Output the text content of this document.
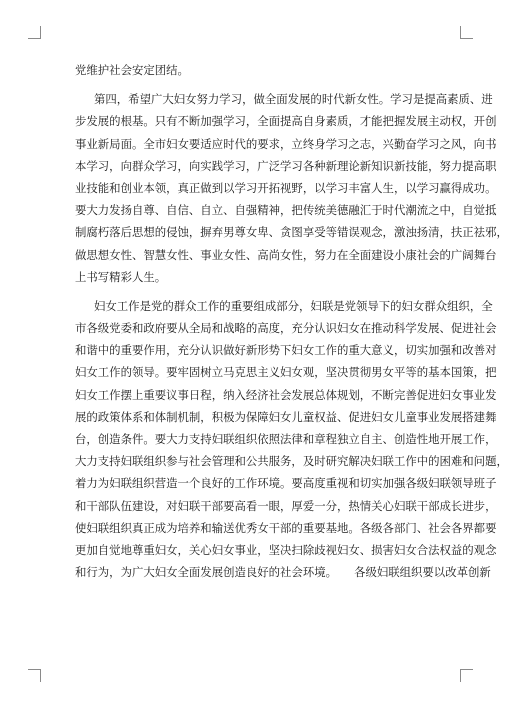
党维护社会安定团结。
第四，希望广大妇女努力学习，做全面发展的时代新女性。学习是提高素质、进
步发展的根基。只有不断加强学习，全面提高自身素质，才能把握发展主动权，开创
事业新局面。全市妇女要适应时代的要求，立终身学习之志，兴勤奋学习之风，向书
本学习，向群众学习，向实践学习，广泛学习各种新理论新知识新技能，努力提高职
业技能和创业本领，真正做到以学习开拓视野，以学习丰富人生，以学习赢得成功。
要大力发扬自尊、自信、自立、自强精神，把传统美德融汇于时代潮流之中，自觉抵
制腐朽落后思想的侵蚀，摒弃男尊女卑、贪图享受等错误观念，激浊扬清，扶正祛邪，
做思想女性、智慧女性、事业女性、高尚女性，努力在全面建设小康社会的广阔舞台
上书写精彩人生。
妇女工作是党的群众工作的重要组成部分，妇联是党领导下的妇女群众组织，全
市各级党委和政府要从全局和战略的高度，充分认识妇女在推动科学发展、促进社会
和谐中的重要作用，充分认识做好新形势下妇女工作的重大意义，切实加强和改善对
妇女工作的领导。要牢固树立马克思主义妇女观，坚决贯彻男女平等的基本国策，把
妇女工作摆上重要议事日程，纳入经济社会发展总体规划，不断完善促进妇女事业发
展的政策体系和体制机制，积极为保障妇女儿童权益、促进妇女儿童事业发展搭建舞
台，创造条件。要大力支持妇联组织依照法律和章程独立自主、创造性地开展工作，
大力支持妇联组织参与社会管理和公共服务，及时研究解决妇联工作中的困难和问题，
着力为妇联组织营造一个良好的工作环境。要高度重视和切实加强各级妇联领导班子
和干部队伍建设，对妇联干部要高看一眼，厚爱一分，热情关心妇联干部成长进步，
使妇联组织真正成为培养和输送优秀女干部的重要基地。各级各部门、社会各界都要
更加自觉地尊重妇女，关心妇女事业，坚决扫除歧视妇女、损害妇女合法权益的观念
和行为，为广大妇女全面发展创造良好的社会环境。　　各级妇联组织要以改革创新
